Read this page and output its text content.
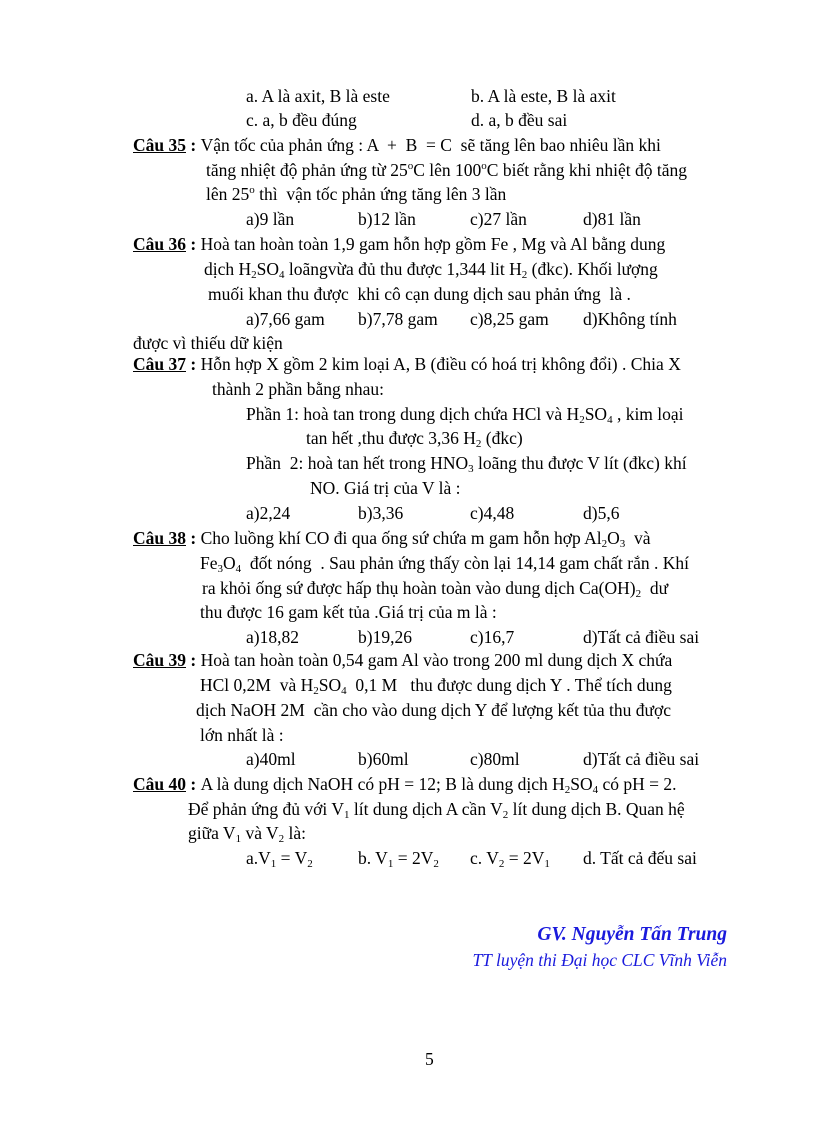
a. A là axit, B là este	b. A là este, B là axit
c. a, b đều đúng	d. a, b đều sai
Câu 35 : Vận tốc của phản ứng : A  +  B  = C  sẽ tăng lên bao nhiêu lần khi
tăng nhiệt độ phản ứng từ 25$^o$C lên 100$^o$C biết rằng khi nhiệt độ tăng
lên 25$^o$ thì  vận tốc phản ứng tăng lên 3 lần
a)9 lần	b)12 lần	c)27 lần	d)81 lần
Câu 36 : Hoà tan hoàn toàn 1,9 gam hỗn hợp gồm Fe , Mg và Al bằng dung
dịch $H_2SO_4$ loãngvừa đủ thu được 1,344 lit $H_2$ (đkc). Khối lượng
muối khan thu được  khi cô cạn dung dịch sau phản ứng  là .
a)7,66 gam b)7,78 gam c)8,25 gam d)Không tính
được vì thiếu dữ kiện
Câu 37 : Hỗn hợp X gồm 2 kim loại A, B (điều có hoá trị không đổi) . Chia X
thành 2 phần bằng nhau:
Phần 1: hoà tan trong dung dịch chứa HCl và $H_2SO_4$ , kim loại
tan hết ,thu được 3,36 $H_2$ (đkc)
Phần  2: hoà tan hết trong $HNO_3$ loãng thu được V lít (đkc) khí
NO. Giá trị của V là :
a)2,24	b)3,36	c)4,48	d)5,6
Câu 38 : Cho luồng khí CO đi qua ống sứ chứa m gam hỗn hợp $Al_2O_3$  và
$Fe_3O_4$  đốt nóng  . Sau phản ứng thấy còn lại 14,14 gam chất rắn . Khí
ra khỏi ống sứ được hấp thụ hoàn toàn vào dung dịch $Ca(OH)_2$  dư
thu được 16 gam kết tủa .Giá trị của m là :
a)18,82	b)19,26	c)16,7	d)Tất cả điều sai
Câu 39 : Hoà tan hoàn toàn 0,54 gam Al vào trong 200 ml dung dịch X chứa
HCl 0,2M  và $H_2SO_4$  0,1 M   thu được dung dịch Y . Thể tích dung
dịch NaOH 2M  cần cho vào dung dịch Y để lượng kết tủa thu được
lớn nhất là :
a)40ml	b)60ml	c)80ml	d)Tất cả điều sai
Câu 40 : A là dung dịch NaOH có pH = 12; B là dung dịch $H_2SO_4$ có pH = 2.
Để phản ứng đủ với $V_1$ lít dung dịch A cần $V_2$ lít dung dịch B. Quan hệ
giữa $V_1$ và $V_2$ là:
$a.V_1 = V_2$	b. $V_1 = 2V_2$ c. $V_2 = 2V_1$ d. Tất cả đếu sai
GV. Nguyễn Tấn Trung
TT luyện thi Đại học CLC Vĩnh Viễn
5
